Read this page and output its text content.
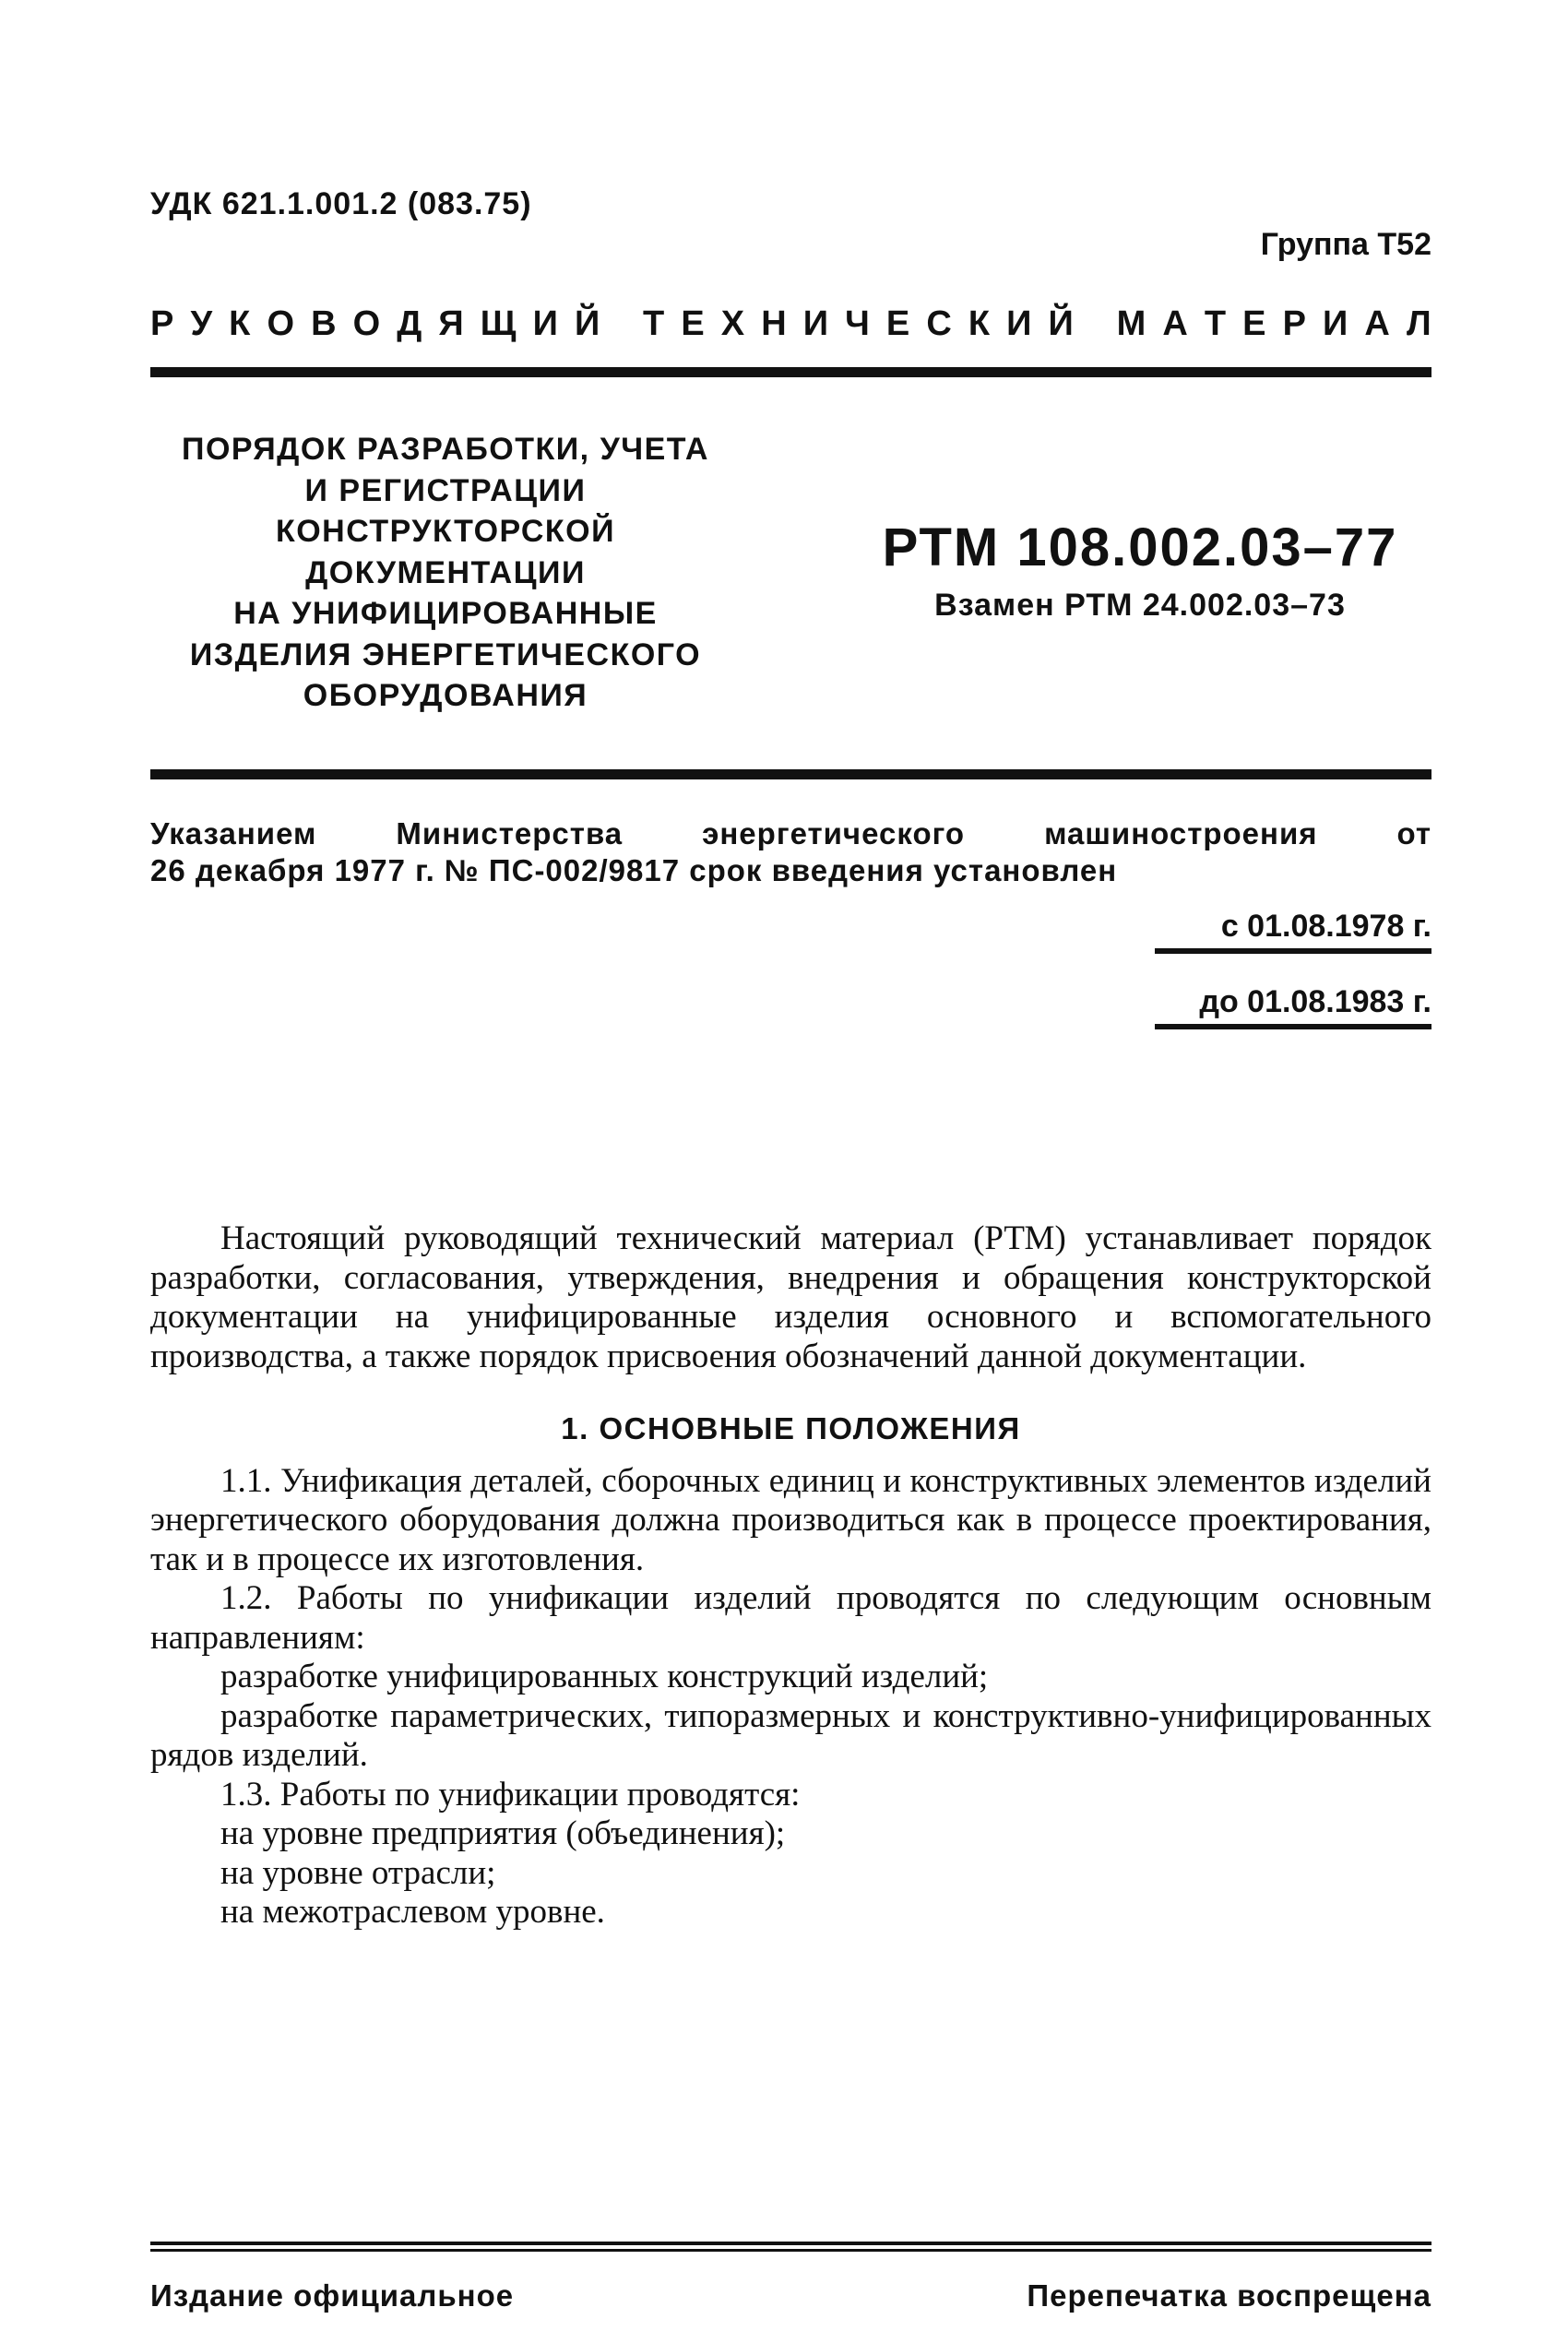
УДК 621.1.001.2 (083.75)
Группа Т52
Р У К О В О Д Я Щ И Й
Т Е Х Н И Ч Е С К И Й
М А Т Е Р И А Л
ПОРЯДОК РАЗРАБОТКИ, УЧЕТА
И РЕГИСТРАЦИИ
КОНСТРУКТОРСКОЙ
ДОКУМЕНТАЦИИ
НА УНИФИЦИРОВАННЫЕ
ИЗДЕЛИЯ ЭНЕРГЕТИЧЕСКОГО
ОБОРУДОВАНИЯ
РТМ 108.002.03–77
Взамен РТМ 24.002.03–73
Указанием Министерства энергетического машиностроения от
26 декабря 1977 г. № ПС-002/9817 срок введения установлен
с 01.08.1978 г.
до 01.08.1983 г.

Настоящий руководящий технический материал (РТМ) устанавливает порядок разработки, согласования, утверждения, внедрения и обращения конструкторской документации на унифицированные изделия основного и вспомогательного производства, а также порядок присвоения обозначений данной документации.

1. ОСНОВНЫЕ ПОЛОЖЕНИЯ

1.1. Унификация деталей, сборочных единиц и конструктивных элементов изделий энергетического оборудования должна производиться как в процессе проектирования, так и в процессе их изготовления.

1.2. Работы по унификации изделий проводятся по следующим основным направлениям:

разработке унифицированных конструкций изделий;

разработке параметрических, типоразмерных и конструктивно-унифицированных рядов изделий.

1.3. Работы по унификации проводятся:

на уровне предприятия (объединения);

на уровне отрасли;

на межотраслевом уровне.

Издание официальное	Перепечатка воспрещена
